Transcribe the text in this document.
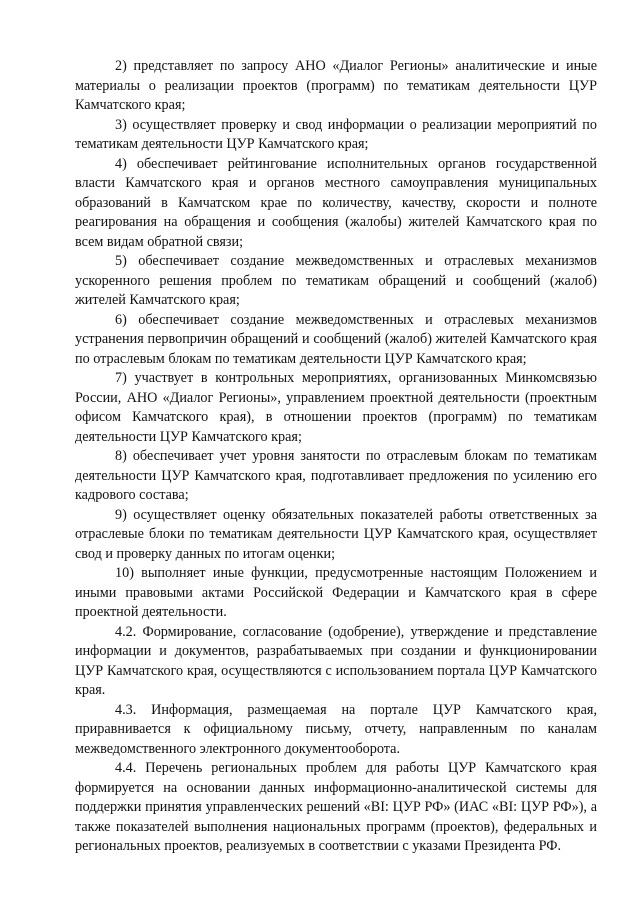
2) представляет по запросу АНО «Диалог Регионы» аналитические и иные материалы о реализации проектов (программ) по тематикам деятельности ЦУР Камчатского края;

3) осуществляет проверку и свод информации о реализации мероприятий по тематикам деятельности ЦУР Камчатского края;

4) обеспечивает рейтингование исполнительных органов государственной власти Камчатского края и органов местного самоуправления муниципальных образований в Камчатском крае по количеству, качеству, скорости и полноте реагирования на обращения и сообщения (жалобы) жителей Камчатского края по всем видам обратной связи;

5) обеспечивает создание межведомственных и отраслевых механизмов ускоренного решения проблем по тематикам обращений и сообщений (жалоб) жителей Камчатского края;

6) обеспечивает создание межведомственных и отраслевых механизмов устранения первопричин обращений и сообщений (жалоб) жителей Камчатского края по отраслевым блокам по тематикам деятельности ЦУР Камчатского края;

7) участвует в контрольных мероприятиях, организованных Минкомсвязью России, АНО «Диалог Регионы», управлением проектной деятельности (проектным офисом Камчатского края), в отношении проектов (программ) по тематикам деятельности ЦУР Камчатского края;

8) обеспечивает учет уровня занятости по отраслевым блокам по тематикам деятельности ЦУР Камчатского края, подготавливает предложения по усилению его кадрового состава;

9) осуществляет оценку обязательных показателей работы ответственных за отраслевые блоки по тематикам деятельности ЦУР Камчатского края, осуществляет свод и проверку данных по итогам оценки;

10) выполняет иные функции, предусмотренные настоящим Положением и иными правовыми актами Российской Федерации и Камчатского края в сфере проектной деятельности.

4.2. Формирование, согласование (одобрение), утверждение и представление информации и документов, разрабатываемых при создании и функционировании ЦУР Камчатского края, осуществляются с использованием портала ЦУР Камчатского края.

4.3. Информация, размещаемая на портале ЦУР Камчатского края, приравнивается к официальному письму, отчету, направленным по каналам межведомственного электронного документооборота.

4.4. Перечень региональных проблем для работы ЦУР Камчатского края формируется на основании данных информационно-аналитической системы для поддержки принятия управленческих решений «BI: ЦУР РФ» (ИАС «BI: ЦУР РФ»), а также показателей выполнения национальных программ (проектов), федеральных и региональных проектов, реализуемых в соответствии с указами Президента РФ.
